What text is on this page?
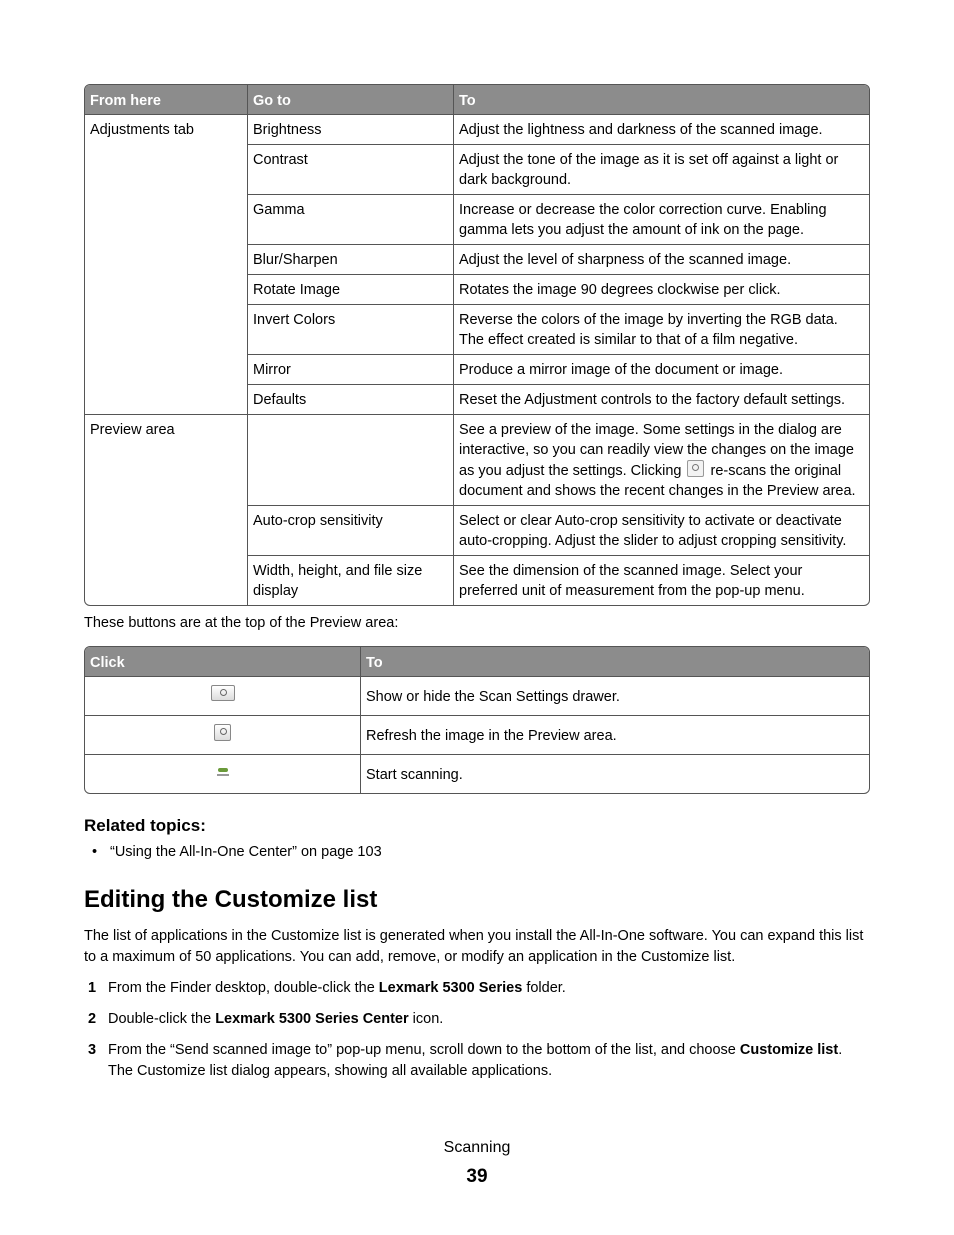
From here	Go to	To
Adjustments tab	Brightness	Adjust the lightness and darkness of the scanned image.
	Contrast	Adjust the tone of the image as it is set off against a light or dark background.
	Gamma	Increase or decrease the color correction curve. Enabling gamma lets you adjust the amount of ink on the page.
	Blur/Sharpen	Adjust the level of sharpness of the scanned image.
	Rotate Image	Rotates the image 90 degrees clockwise per click.
	Invert Colors	Reverse the colors of the image by inverting the RGB data. The effect created is similar to that of a film negative.
	Mirror	Produce a mirror image of the document or image.
	Defaults	Reset the Adjustment controls to the factory default settings.
Preview area		See a preview of the image. Some settings in the dialog are interactive, so you can readily view the changes on the image as you adjust the settings. Clicking re-scans the original document and shows the recent changes in the Preview area.
	Auto-crop sensitivity	Select or clear Auto-crop sensitivity to activate or deactivate auto-cropping. Adjust the slider to adjust cropping sensitivity.
	Width, height, and file size display	See the dimension of the scanned image. Select your preferred unit of measurement from the pop-up menu.

These buttons are at the top of the Preview area:

Click	To
	Show or hide the Scan Settings drawer.
	Refresh the image in the Preview area.
	Start scanning.
Related topics:
• “Using the All-In-One Center” on page 103
Editing the Customize list

The list of applications in the Customize list is generated when you install the All-In-One software. You can expand this list to a maximum of 50 applications. You can add, remove, or modify an application in the Customize list.

1 From the Finder desktop, double-click the Lexmark 5300 Series folder.
2 Double-click the Lexmark 5300 Series Center icon.
3 From the “Send scanned image to” pop-up menu, scroll down to the bottom of the list, and choose Customize list. The Customize list dialog appears, showing all available applications.
Scanning
39
